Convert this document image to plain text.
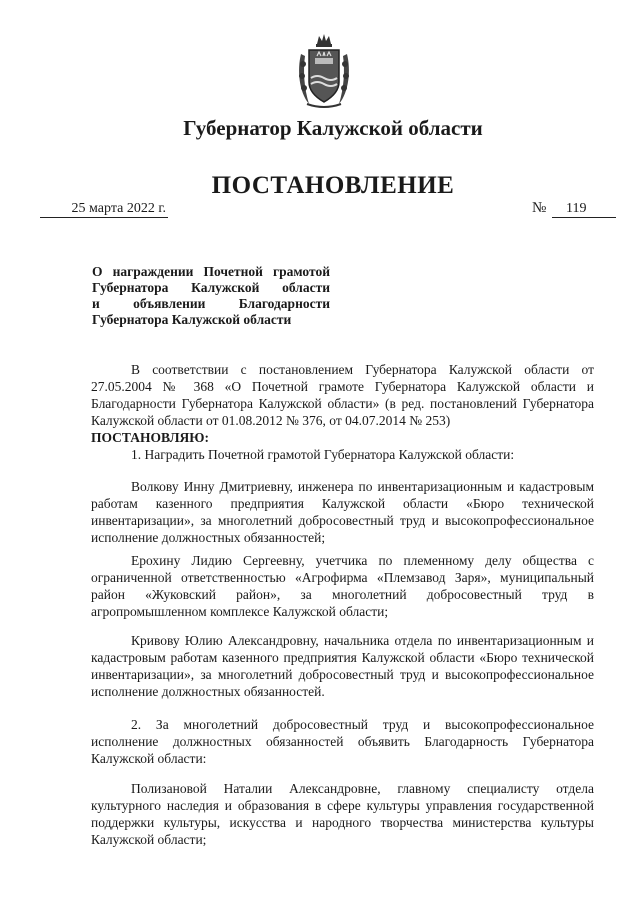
Губернатор Калужской области
ПОСТАНОВЛЕНИЕ
25 марта 2022 г.	№	119
О награждении Почетной грамотой
Губернатора Калужской области
и объявлении Благодарности
Губернатора Калужской области

В соответствии с постановлением Губернатора Калужской области от 27.05.2004 № 368 «О Почетной грамоте Губернатора Калужской области и Благодарности Губернатора Калужской области» (в ред. постановлений Губернатора Калужской области от 01.08.2012 № 376, от 04.07.2014 № 253)

ПОСТАНОВЛЯЮ:

1. Наградить Почетной грамотой Губернатора Калужской области:

Волкову Инну Дмитриевну, инженера по инвентаризационным и кадастровым работам казенного предприятия Калужской области «Бюро технической инвентаризации», за многолетний добросовестный труд и высокопрофессиональное исполнение должностных обязанностей;

Ерохину Лидию Сергеевну, учетчика по племенному делу общества с ограниченной ответственностью «Агрофирма «Племзавод Заря», муниципальный район «Жуковский район», за многолетний добросовестный труд в агропромышленном комплексе Калужской области;

Кривову Юлию Александровну, начальника отдела по инвентаризационным и кадастровым работам казенного предприятия Калужской области «Бюро технической инвентаризации», за многолетний добросовестный труд и высокопрофессиональное исполнение должностных обязанностей.

2. За многолетний добросовестный труд и высокопрофессиональное исполнение должностных обязанностей объявить Благодарность Губернатора Калужской области:

Полизановой Наталии Александровне, главному специалисту отдела культурного наследия и образования в сфере культуры управления государственной поддержки культуры, искусства и народного творчества министерства культуры Калужской области;
